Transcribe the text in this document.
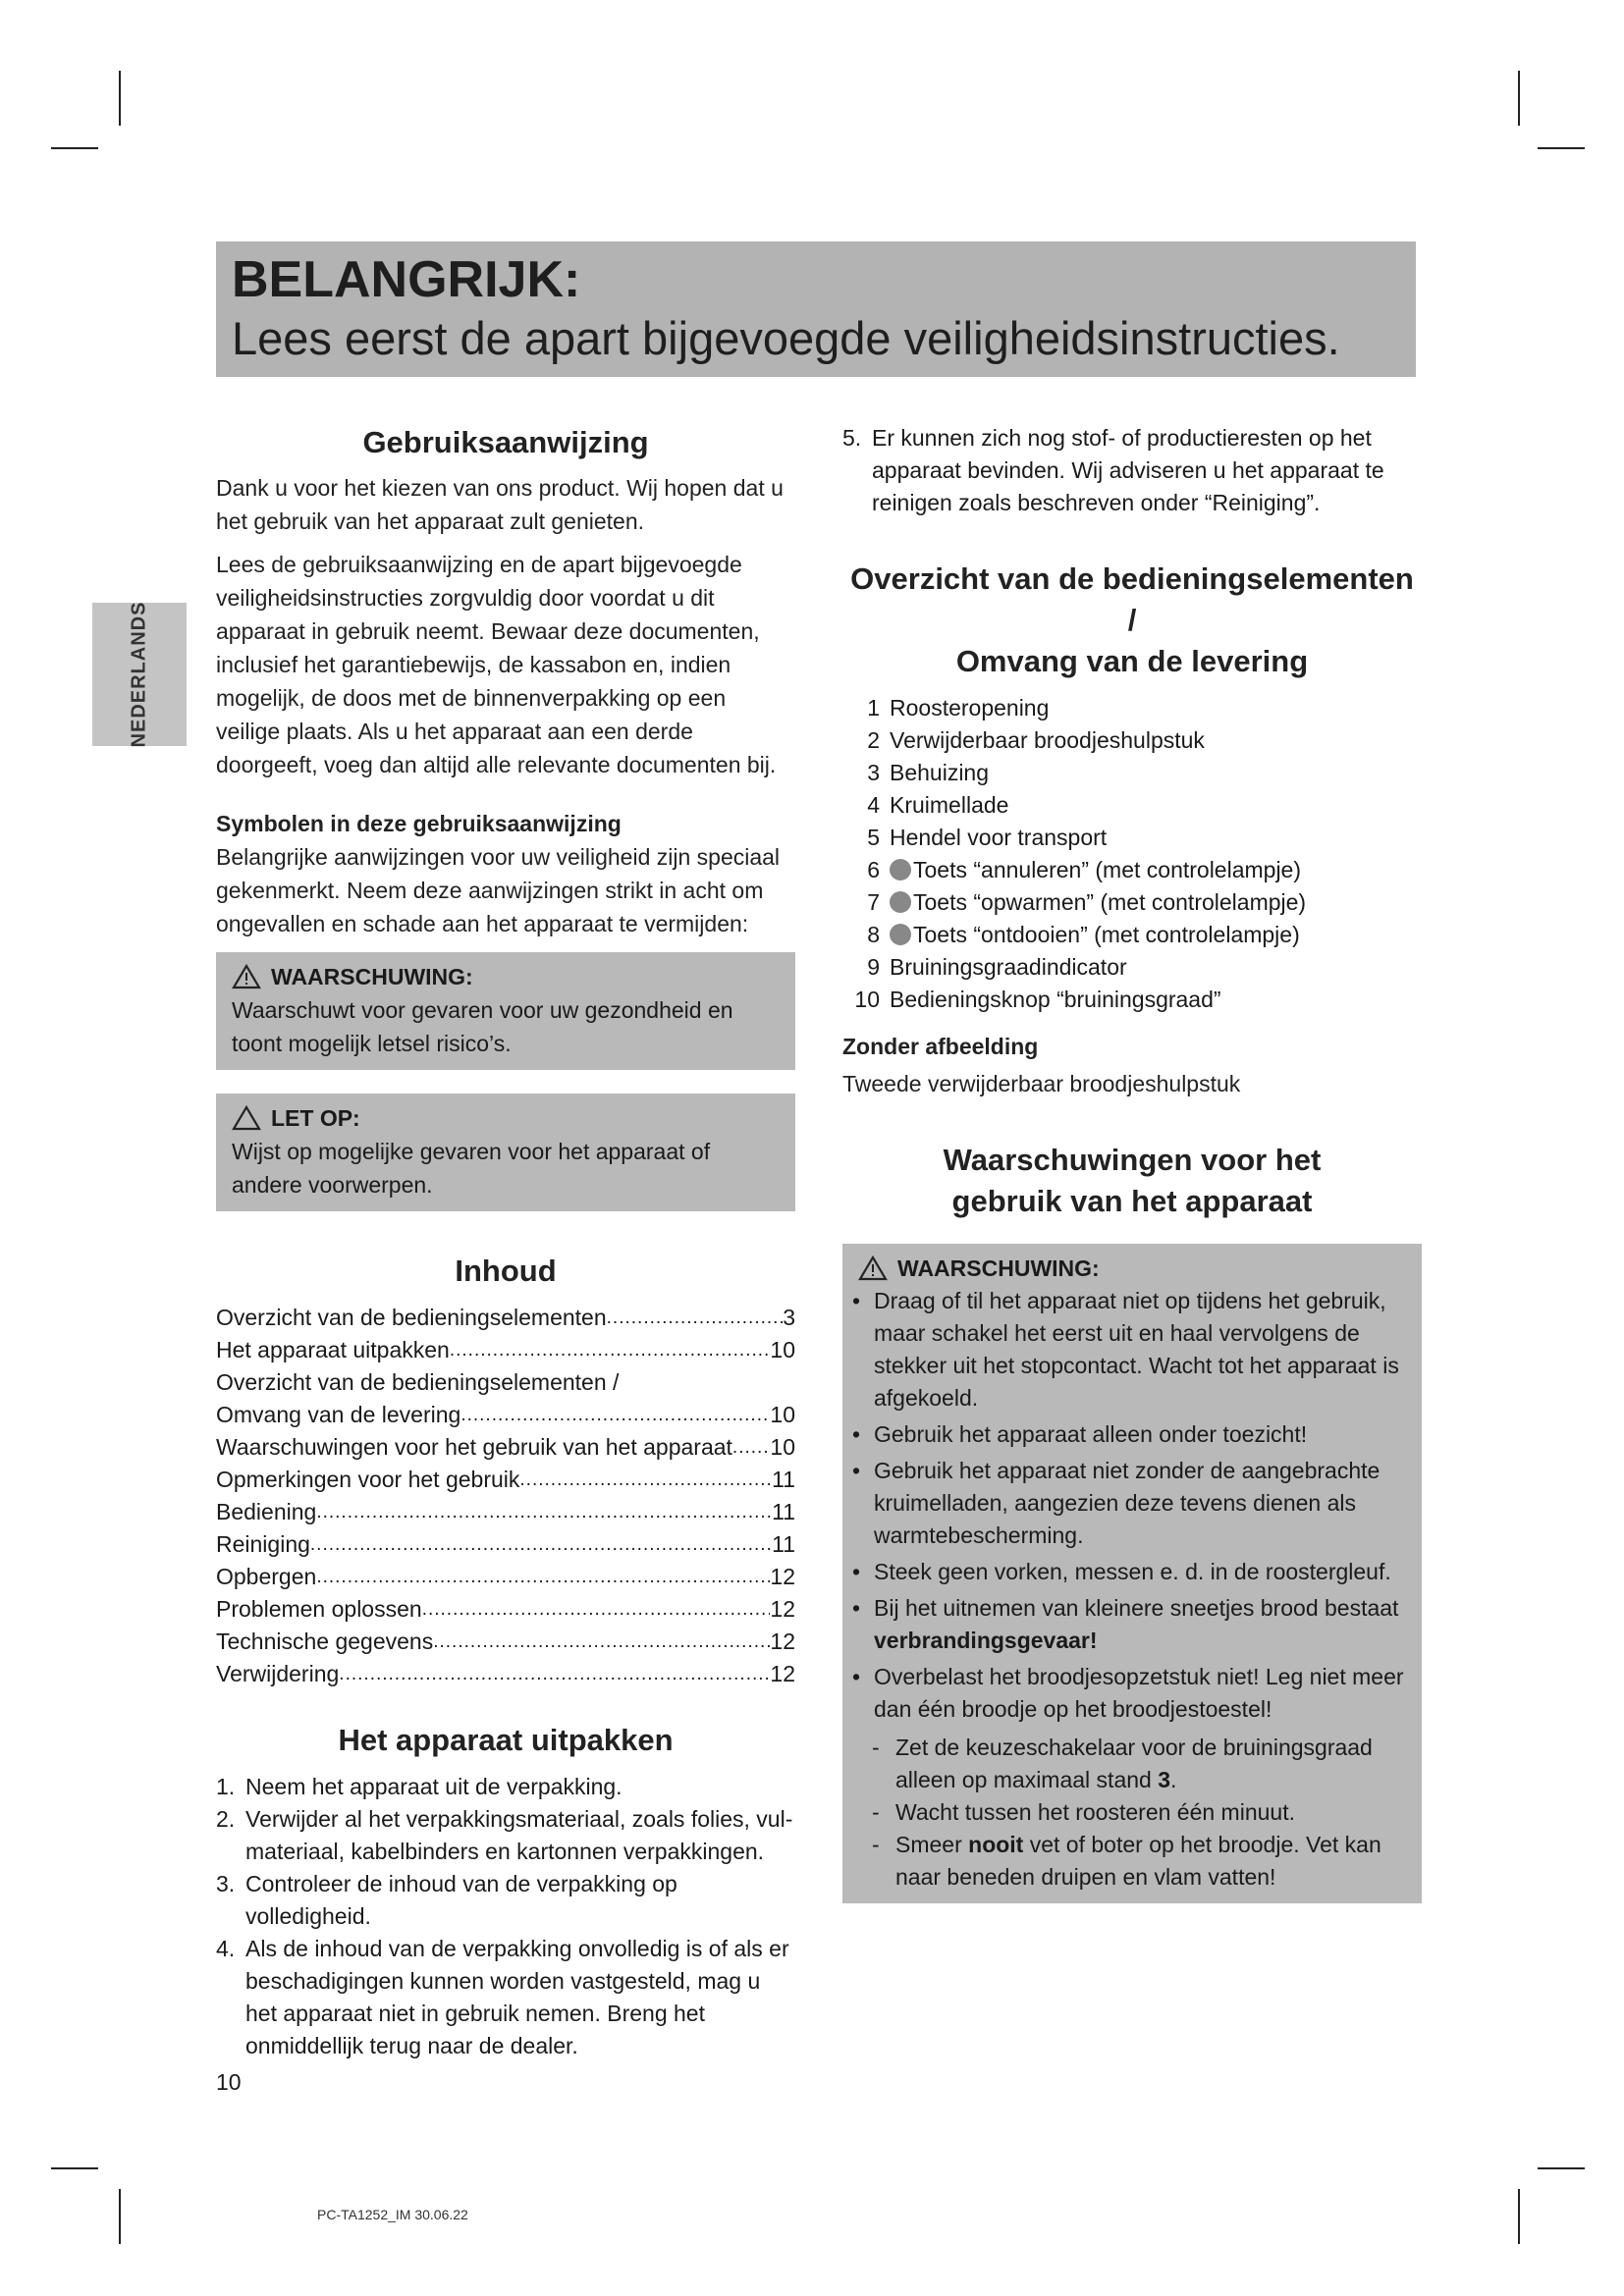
BELANGRIJK:
Lees eerst de apart bijgevoegde veiligheidsinstructies.
NEDERLANDS
Gebruiksaanwijzing

Dank u voor het kiezen van ons product. Wij hopen dat u het gebruik van het apparaat zult genieten.

Lees de gebruiksaanwijzing en de apart bijgevoegde veiligheidsinstructies zorgvuldig door voordat u dit apparaat in gebruik neemt. Bewaar deze documenten, inclusief het garantiebewijs, de kassabon en, indien mogelijk, de doos met de binnenverpakking op een veilige plaats. Als u het apparaat aan een derde doorgeeft, voeg dan altijd alle relevante documenten bij.

Symbolen in deze gebruiksaanwijzing

Belangrijke aanwijzingen voor uw veiligheid zijn speciaal gekenmerkt. Neem deze aanwijzingen strikt in acht om ongevallen en schade aan het apparaat te vermijden:

WAARSCHUWING:
Waarschuwt voor gevaren voor uw gezondheid en toont mogelijk letsel risico’s.
LET OP:
Wijst op mogelijke gevaren voor het apparaat of andere voorwerpen.
Inhoud
Overzicht van de bedieningselementen .....	3
Het apparaat uitpakken .....	10
Overzicht van de bedieningselementen /
Omvang van de levering .....	10
Waarschuwingen voor het gebruik van het apparaat ..... 10
Opmerkingen voor het gebruik .....	11
Bediening .....	11
Reiniging .....	11
Opbergen .....	12
Problemen oplossen .....	12
Technische gegevens .....	12
Verwijdering .....	12
Het apparaat uitpakken
1. Neem het apparaat uit de verpakking.
2. Verwijder al het verpakkingsmateriaal, zoals folies, vulmateriaal, kabelbinders en kartonnen verpakkingen.
3. Controleer de inhoud van de verpakking op volledigheid.
4. Als de inhoud van de verpakking onvolledig is of als er beschadigingen kunnen worden vastgesteld, mag u het apparaat niet in gebruik nemen. Breng het onmiddellijk terug naar de dealer.
5. Er kunnen zich nog stof- of productieresten op het apparaat bevinden. Wij adviseren u het apparaat te reinigen zoals beschreven onder “Reiniging”.
Overzicht van de bedieningselementen /
Omvang van de levering
1 Roosteropening
2 Verwijderbaar broodjeshulpstuk
3 Behuizing
4 Kruimellade
5 Hendel voor transport
6	Toets “annuleren” (met controlelampje)
7	Toets “opwarmen” (met controlelampje)
8	Toets “ontdooien” (met controlelampje)
9 Bruiningsgraadindicator
10 Bedieningsknop “bruiningsgraad”
Zonder afbeelding

Tweede verwijderbaar broodjeshulpstuk

Waarschuwingen voor het
gebruik van het apparaat
WAARSCHUWING:
• Draag of til het apparaat niet op tijdens het gebruik, maar schakel het eerst uit en haal vervolgens de stekker uit het stopcontact. Wacht tot het apparaat is afgekoeld.
• Gebruik het apparaat alleen onder toezicht!
• Gebruik het apparaat niet zonder de aangebrachte kruimelladen, aangezien deze tevens dienen als warmtebescherming.
• Steek geen vorken, messen e. d. in de roostergleuf.
• Bij het uitnemen van kleinere sneetjes brood bestaat verbrandingsgevaar!
• Overbelast het broodjesopzetstuk niet! Leg niet meer dan één broodje op het broodjestoestel!
- Zet de keuzeschakelaar voor de bruiningsgraad alleen op maximaal stand 3.
- Wacht tussen het roosteren één minuut.
- Smeer nooit vet of boter op het broodje. Vet kan naar beneden druipen en vlam vatten!
10
PC-TA1252_IM 30.06.22
